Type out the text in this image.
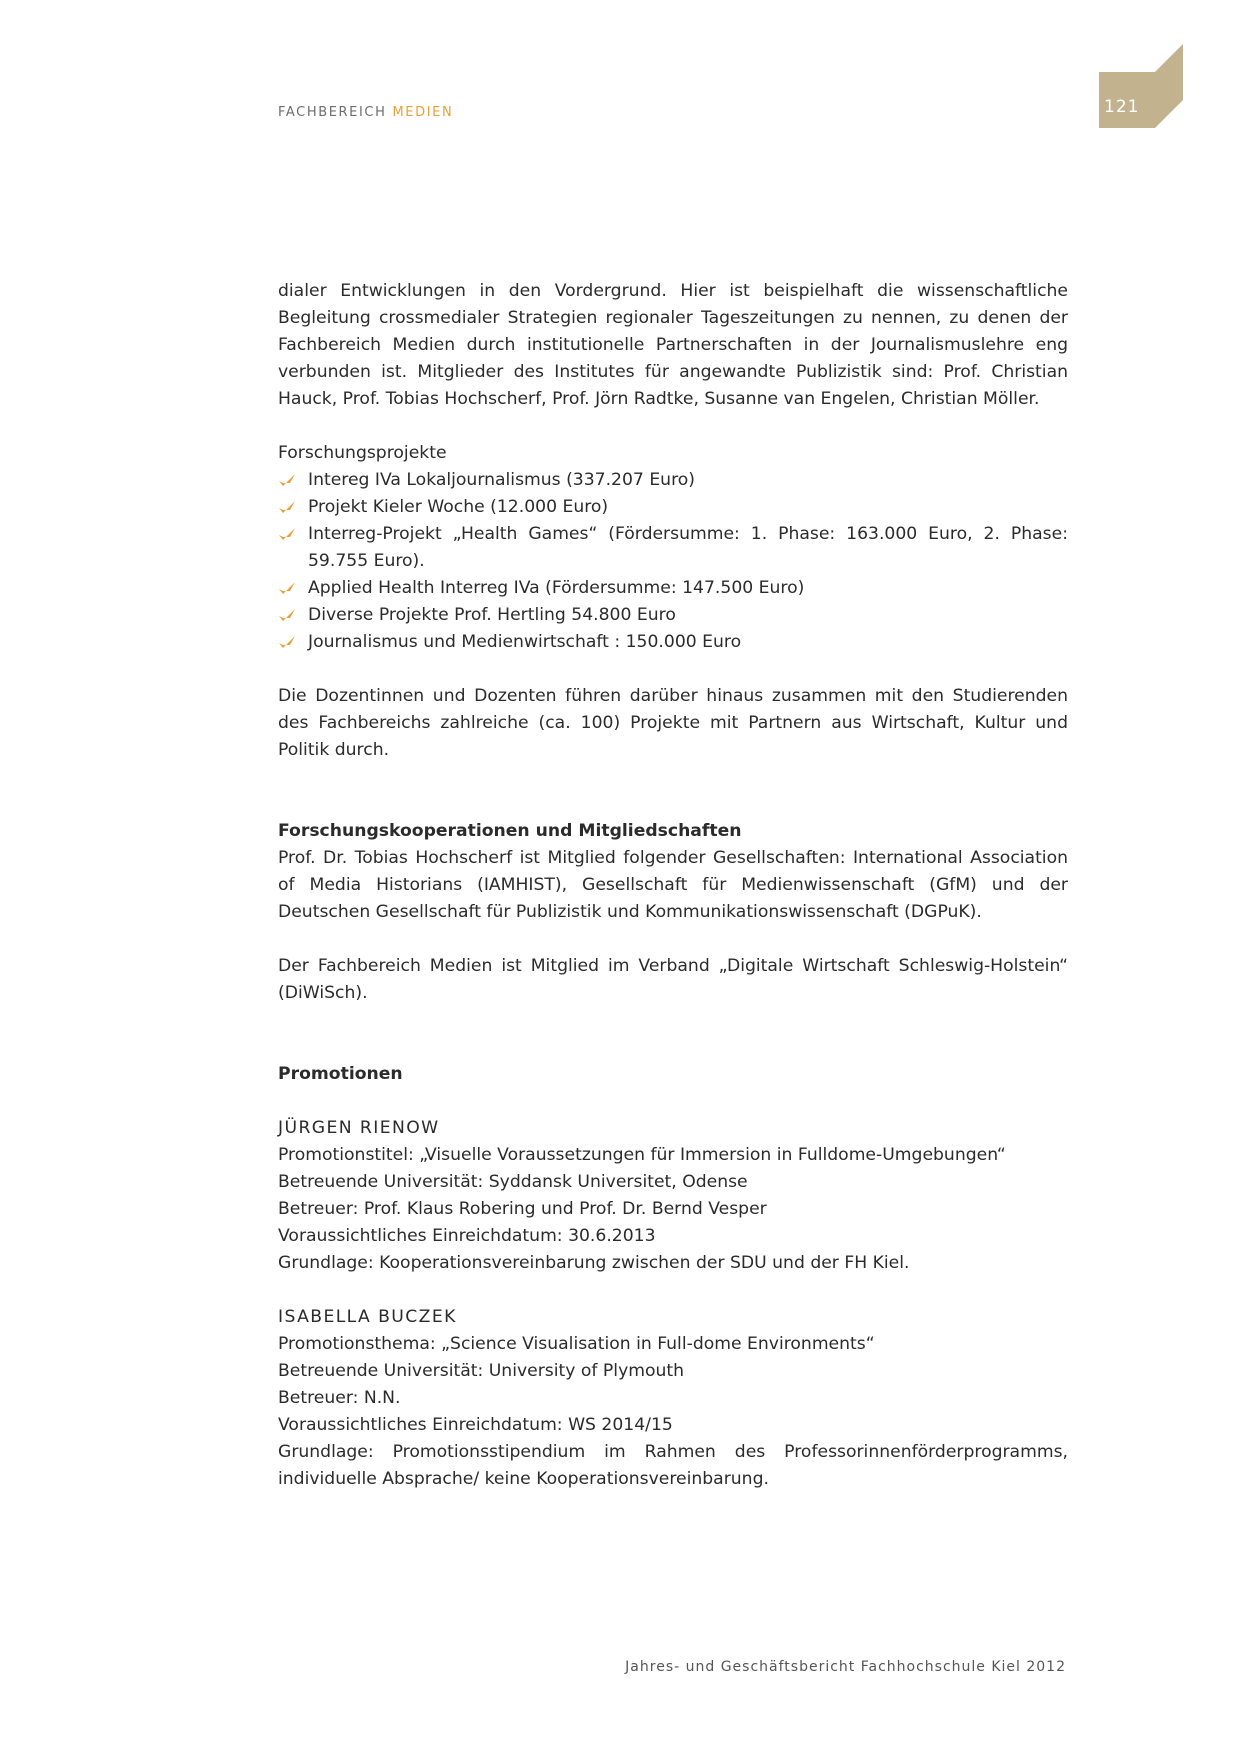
FACHBEREICH MEDIEN	121

dialer Entwicklungen in den Vordergrund. Hier ist beispielhaft die wissenschaftliche Begleitung crossmedialer Strategien regionaler Tageszeitungen zu nennen, zu denen der Fachbereich Medien durch institutionelle Partnerschaften in der Journalismuslehre eng verbunden ist. Mitglieder des Institutes für angewandte Publizistik sind: Prof. Christian Hauck, Prof. Tobias Hochscherf, Prof. Jörn Radtke, Susanne van Engelen, Christian Möller.

Forschungsprojekte

Intereg IVa Lokaljournalismus (337.207 Euro)
Projekt Kieler Woche (12.000 Euro)
Interreg-Projekt „Health Games“ (Fördersumme: 1. Phase: 163.000 Euro, 2. Phase: 59.755 Euro).
Applied Health Interreg IVa (Fördersumme: 147.500 Euro)
Diverse Projekte Prof. Hertling 54.800 Euro
Journalismus und Medienwirtschaft : 150.000 Euro

Die Dozentinnen und Dozenten führen darüber hinaus zusammen mit den Studierenden des Fachbereichs zahlreiche (ca. 100) Projekte mit Partnern aus Wirtschaft, Kultur und Politik durch.

Forschungskooperationen und Mitgliedschaften

Prof. Dr. Tobias Hochscherf ist Mitglied folgender Gesellschaften: International Association of Media Historians (IAMHIST), Gesellschaft für Medienwissenschaft (GfM) und der Deutschen Gesellschaft für Publizistik und Kommunikationswissenschaft (DGPuK).

Der Fachbereich Medien ist Mitglied im Verband „Digitale Wirtschaft Schleswig-Holstein“ (DiWiSch).

Promotionen

JÜRGEN RIENOW

Promotionstitel: „Visuelle Voraussetzungen für Immersion in Fulldome-Umgebungen“

Betreuende Universität: Syddansk Universitet, Odense

Betreuer: Prof. Klaus Robering und Prof. Dr. Bernd Vesper

Voraussichtliches Einreichdatum: 30.6.2013

Grundlage: Kooperationsvereinbarung zwischen der SDU und der FH Kiel.

ISABELLA BUCZEK

Promotionsthema: „Science Visualisation in Full-dome Environments“

Betreuende Universität: University of Plymouth

Betreuer: N.N.

Voraussichtliches Einreichdatum: WS 2014/15

Grundlage: Promotionsstipendium im Rahmen des Professorinnenförderprogramms, individuelle Absprache/ keine Kooperationsvereinbarung.

Jahres- und Geschäftsbericht Fachhochschule Kiel 2012
